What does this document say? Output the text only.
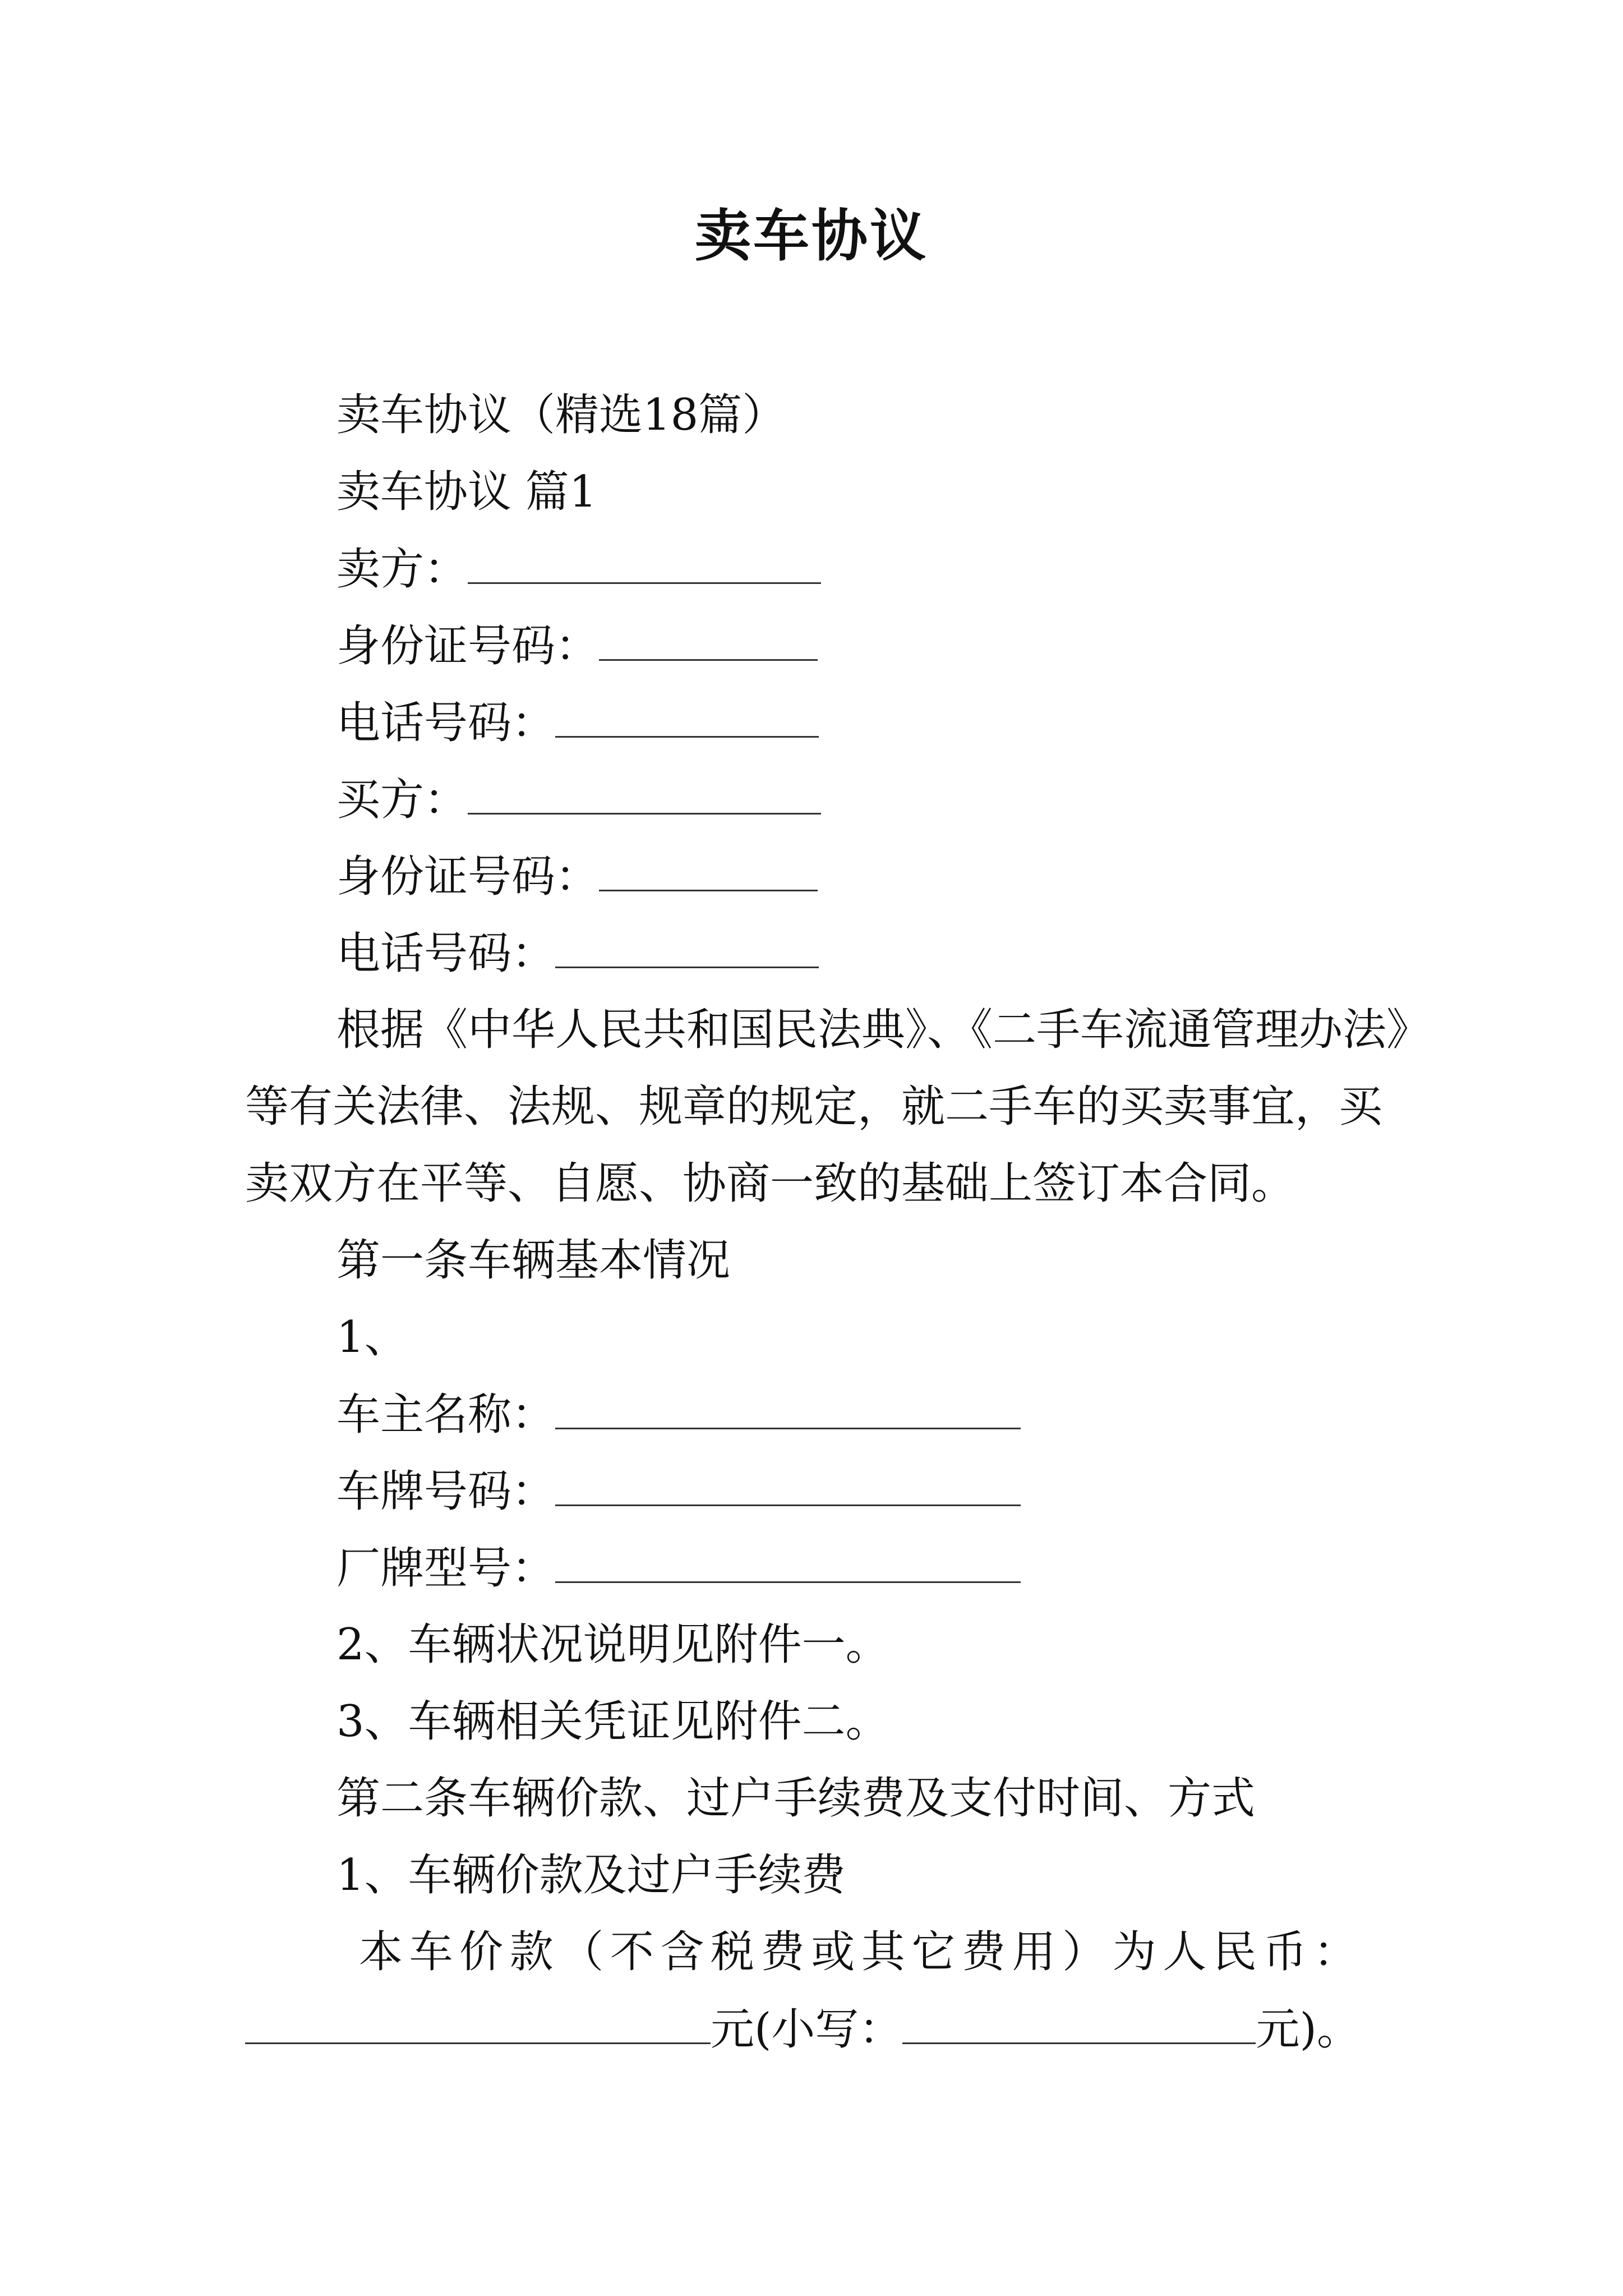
卖车协议
卖车协议（精选18篇）
卖车协议 篇1
卖方：
身份证号码：
电话号码：
买方：
身份证号码：
电话号码：
根据《中华人民共和国民法典》、《二手车流通管理办法》
等有关法律、法规、规章的规定，就二手车的买卖事宜，买
卖双方在平等、自愿、协商一致的基础上签订本合同。
第一条车辆基本情况
1、
车主名称：
车牌号码：
厂牌型号：
2、车辆状况说明见附件一。
3、车辆相关凭证见附件二。
第二条车辆价款、过户手续费及支付时间、方式
1、车辆价款及过户手续费
本 车 价 款 （ 不 含 税 费 或 其 它 费 用 ） 为 人 民 币 ：
元(小写：	元)。
